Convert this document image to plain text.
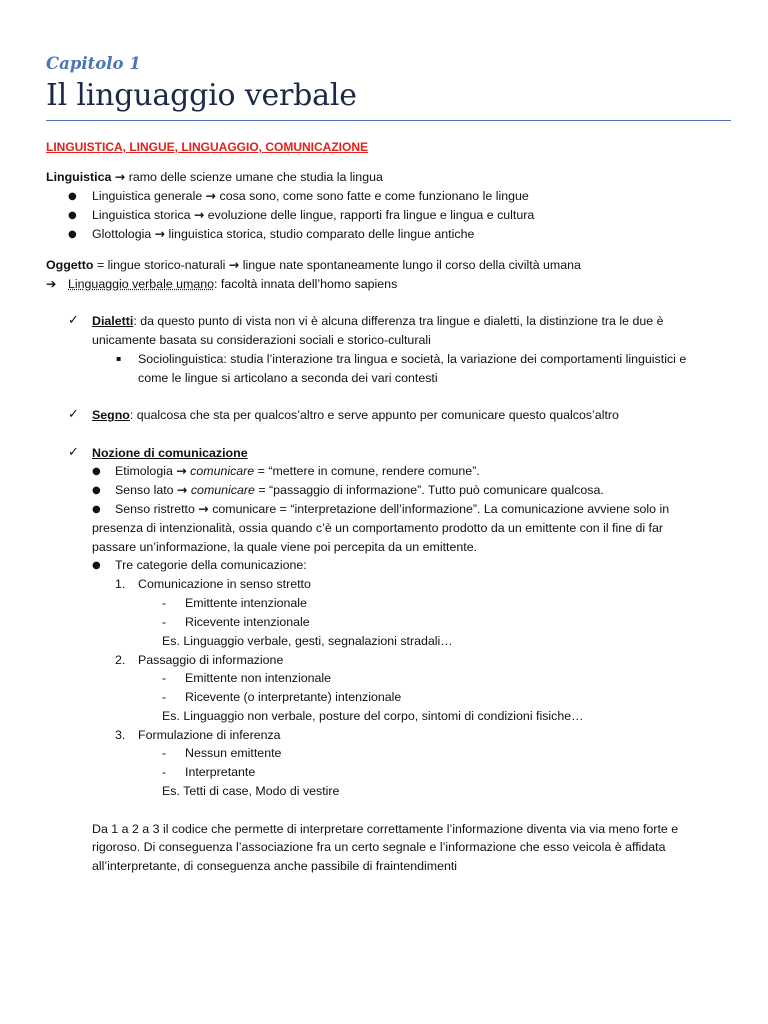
Capitolo 1
Il linguaggio verbale
LINGUISTICA, LINGUE, LINGUAGGIO, COMUNICAZIONE
Linguistica → ramo delle scienze umane che studia la lingua
● Linguistica generale → cosa sono, come sono fatte e come funzionano le lingue
● Linguistica storica → evoluzione delle lingue, rapporti fra lingue e lingua e cultura
● Glottologia → linguistica storica, studio comparato delle lingue antiche
Oggetto = lingue storico-naturali → lingue nate spontaneamente lungo il corso della civiltà umana
➔ Linguaggio verbale umano: facoltà innata dell’homo sapiens
✓ Dialetti: da questo punto di vista non vi è alcuna differenza tra lingue e dialetti, la distinzione tra le due è
unicamente basata su considerazioni sociali e storico-culturali
▪ Sociolinguistica: studia l’interazione tra lingua e società, la variazione dei comportamenti linguistici e
come le lingue si articolano a seconda dei vari contesti
✓ Segno: qualcosa che sta per qualcos’altro e serve appunto per comunicare questo qualcos’altro
✓ Nozione di comunicazione
● Etimologia → comunicare = “mettere in comune, rendere comune”.
● Senso lato → comunicare = “passaggio di informazione”. Tutto può comunicare qualcosa.
● Senso ristretto → comunicare = “interpretazione dell’informazione”. La comunicazione avviene solo in
presenza di intenzionalità, ossia quando c’è un comportamento prodotto da un emittente con il fine di far
passare un’informazione, la quale viene poi percepita da un emittente.
● Tre categorie della comunicazione:
1. Comunicazione in senso stretto
- Emittente intenzionale
- Ricevente intenzionale
Es. Linguaggio verbale, gesti, segnalazioni stradali…
2. Passaggio di informazione
- Emittente non intenzionale
- Ricevente (o interpretante) intenzionale
Es. Linguaggio non verbale, posture del corpo, sintomi di condizioni fisiche…
3. Formulazione di inferenza
- Nessun emittente
- Interpretante
Es. Tetti di case, Modo di vestire
Da 1 a 2 a 3 il codice che permette di interpretare correttamente l’informazione diventa via via meno forte e
rigoroso. Di conseguenza l’associazione fra un certo segnale e l’informazione che esso veicola è affidata
all’interpretante, di conseguenza anche passibile di fraintendimenti
